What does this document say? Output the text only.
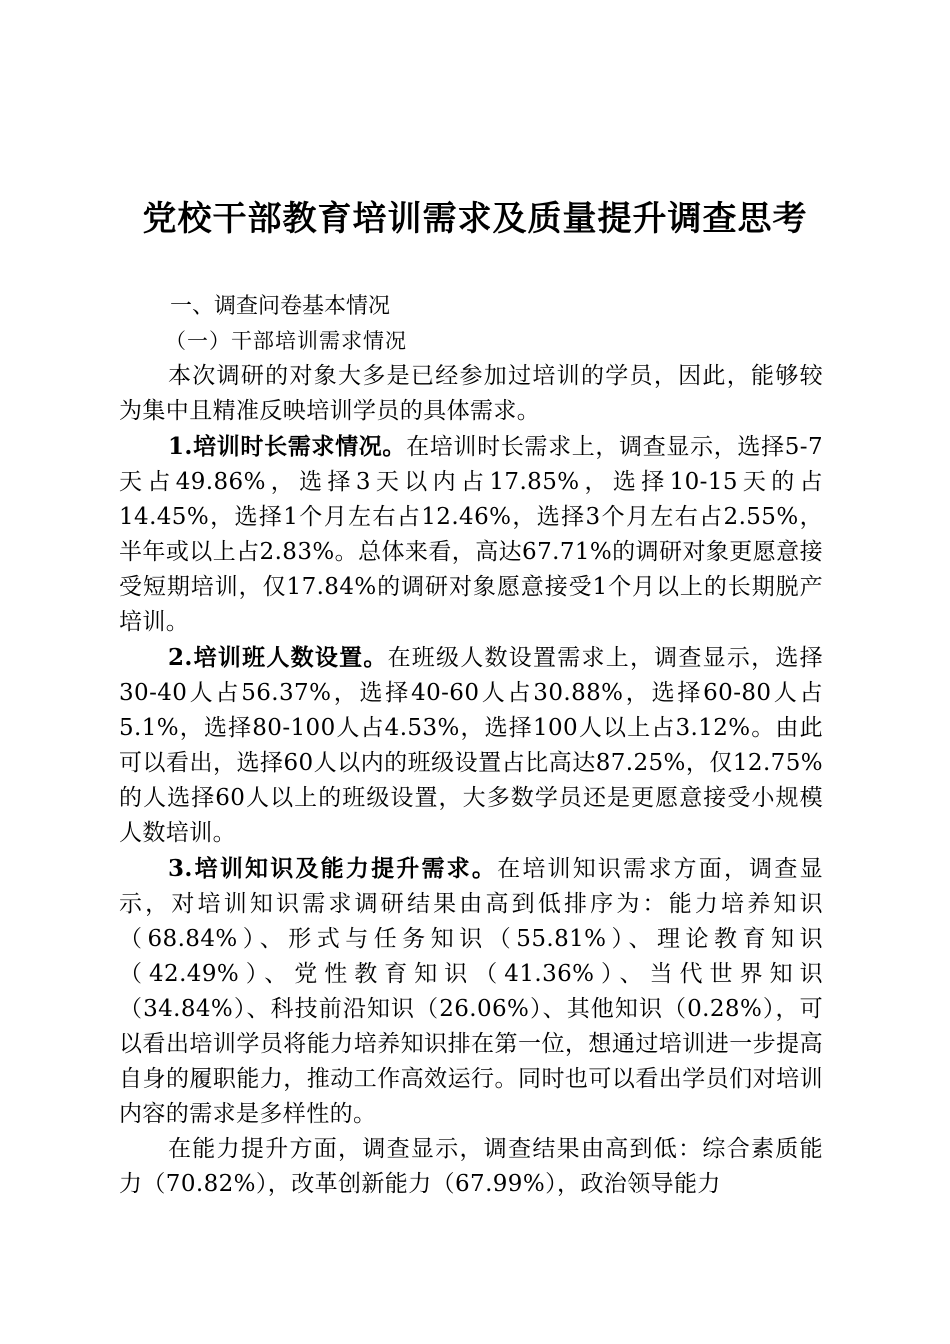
党校干部教育培训需求及质量提升调查思考

一、调查问卷基本情况

（一）干部培训需求情况

本次调研的对象大多是已经参加过培训的学员，因此，能够较为集中且精准反映培训学员的具体需求。

1.培训时长需求情况。在培训时长需求上，调查显示，选择5-7天占49.86%，选择3天以内占17.85%，选择10-15天的占14.45%，选择1个月左右占12.46%，选择3个月左右占2.55%，半年或以上占2.83%。总体来看，高达67.71%的调研对象更愿意接受短期培训，仅17.84%的调研对象愿意接受1个月以上的长期脱产培训。

2.培训班人数设置。在班级人数设置需求上，调查显示，选择30-40人占56.37%，选择40-60人占30.88%，选择60-80人占5.1%，选择80-100人占4.53%，选择100人以上占3.12%。由此可以看出，选择60人以内的班级设置占比高达87.25%，仅12.75%的人选择60人以上的班级设置，大多数学员还是更愿意接受小规模人数培训。

3.培训知识及能力提升需求。在培训知识需求方面，调查显示，对培训知识需求调研结果由高到低排序为：能力培养知识（68.84%）、形式与任务知识（55.81%）、理论教育知识（42.49%）、党性教育知识（41.36%）、当代世界知识（34.84%）、科技前沿知识（26.06%）、其他知识（0.28%），可以看出培训学员将能力培养知识排在第一位，想通过培训进一步提高自身的履职能力，推动工作高效运行。同时也可以看出学员们对培训内容的需求是多样性的。

在能力提升方面，调查显示，调查结果由高到低：综合素质能力（70.82%），改革创新能力（67.99%），政治领导能力
